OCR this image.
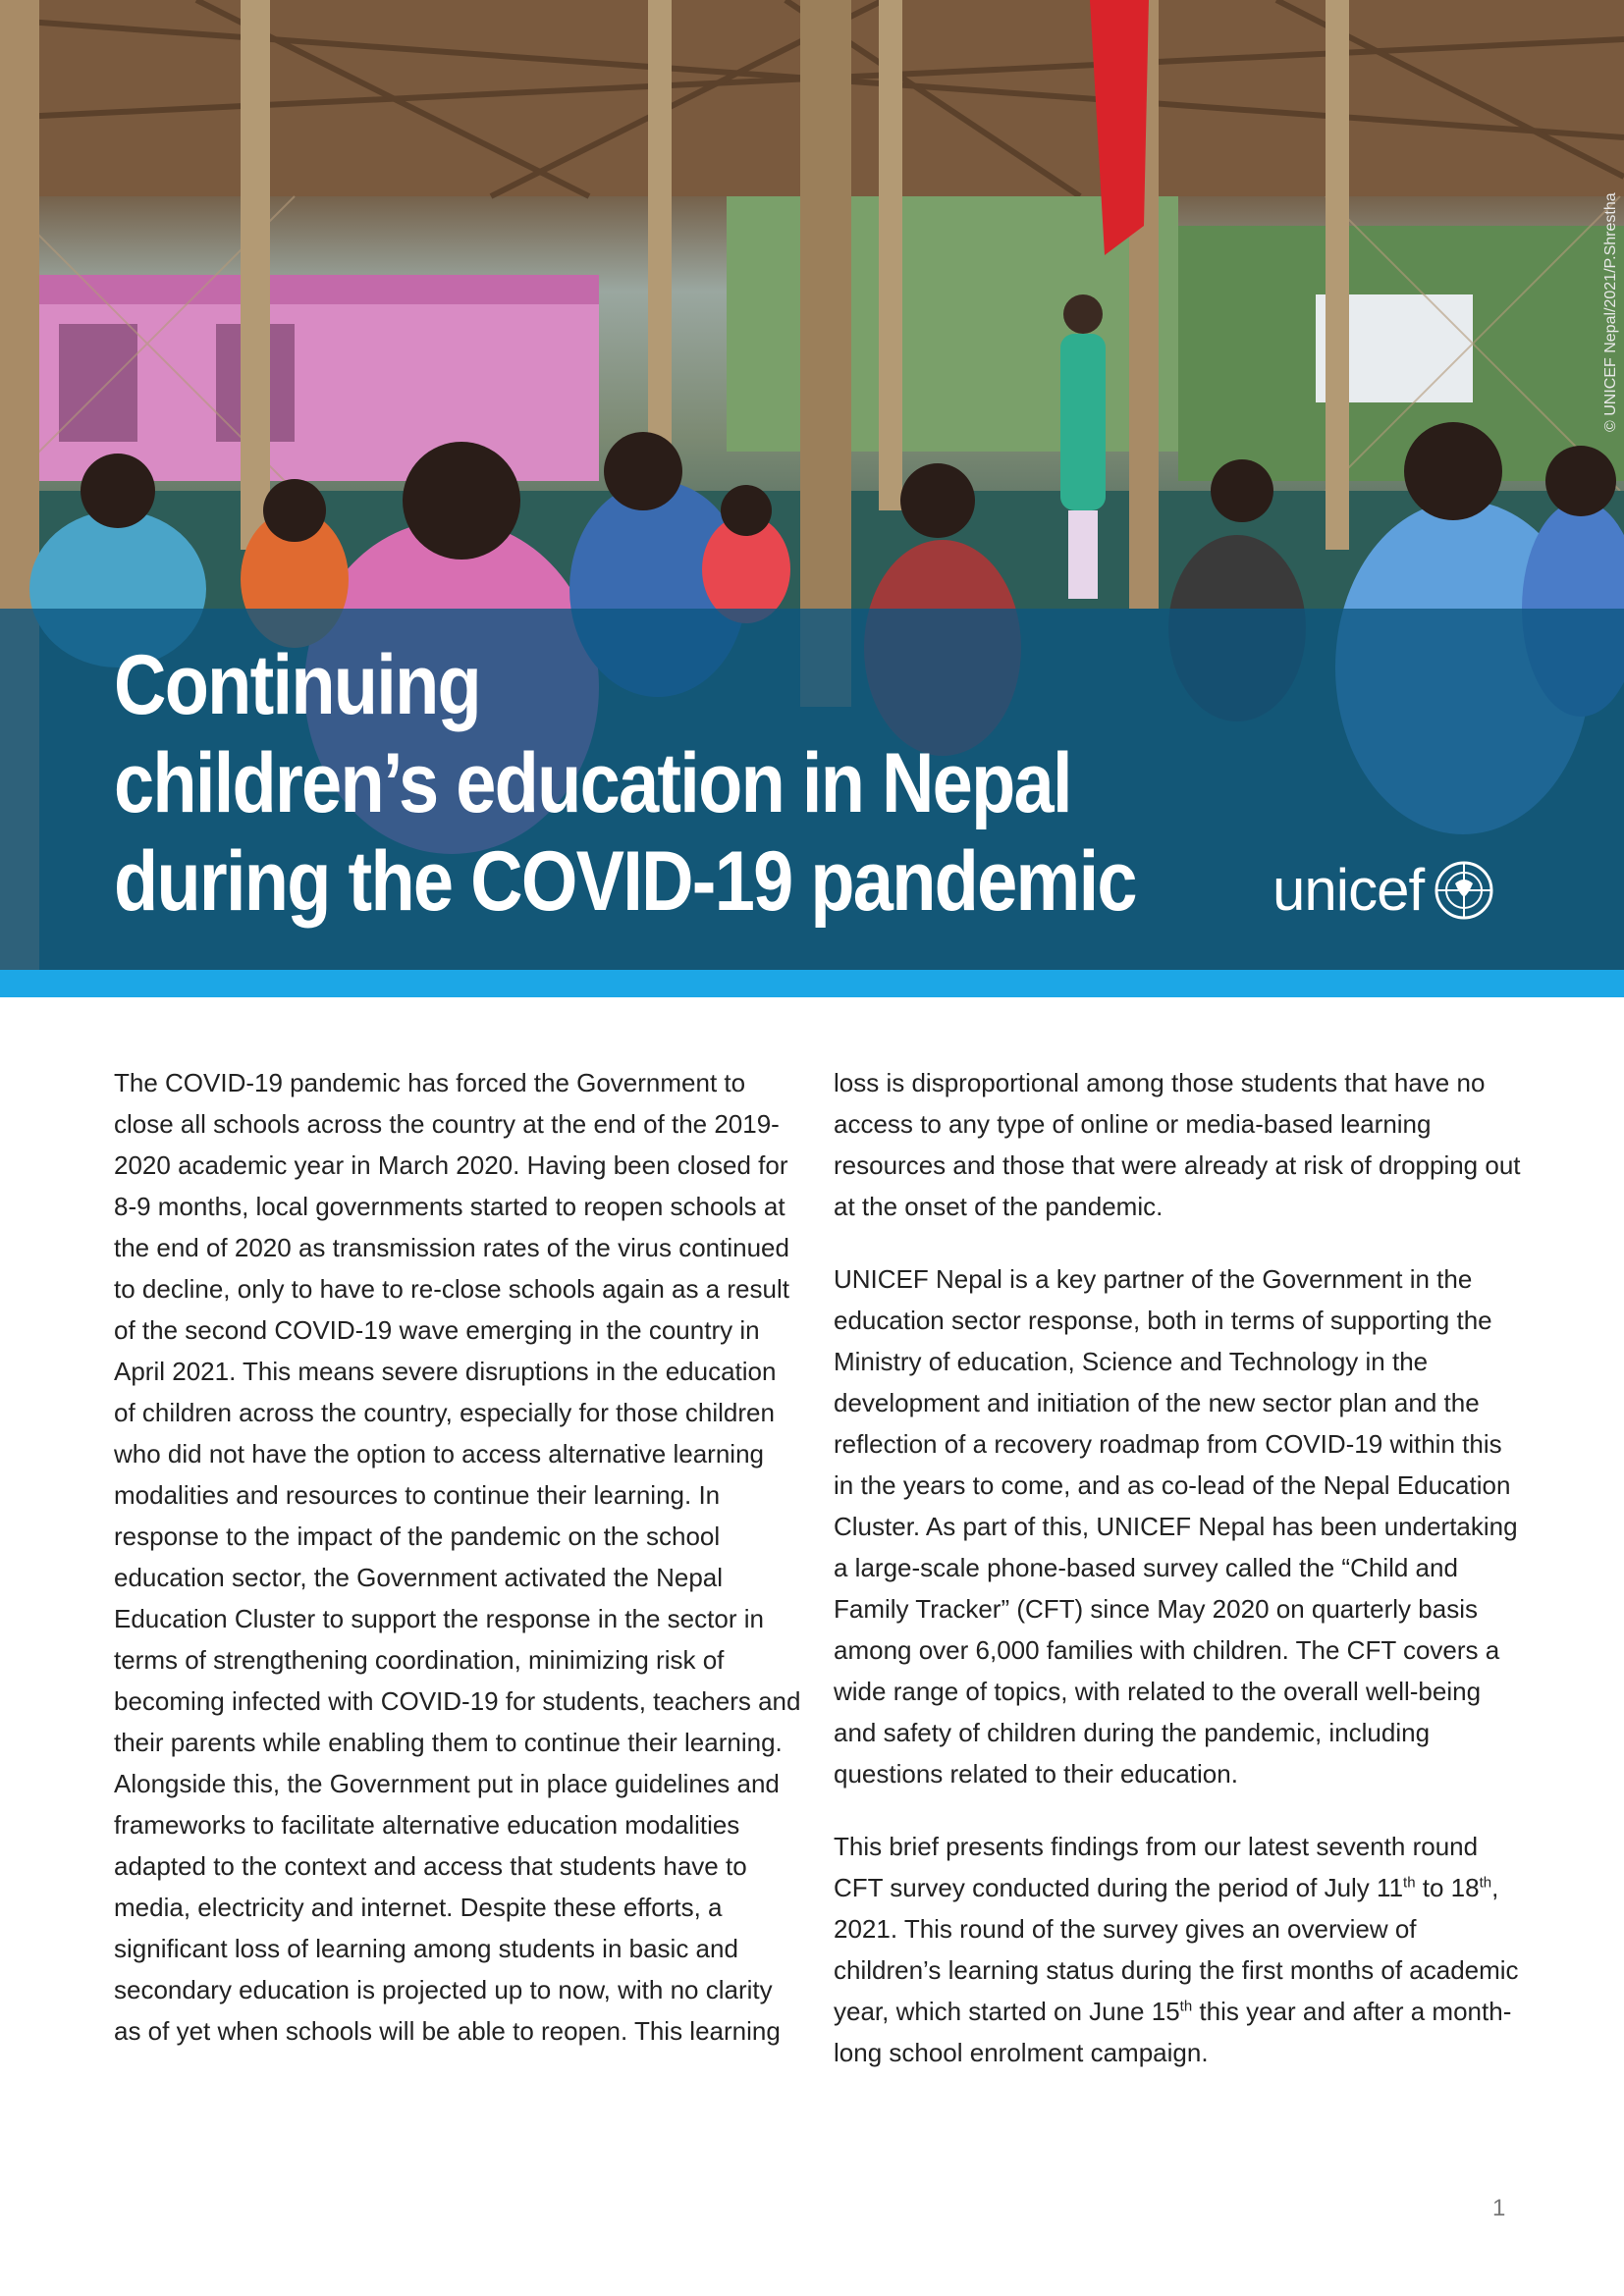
Continuing
children’s education in Nepal
during the COVID-19 pandemic unicef
© UNICEF Nepal/2021/P.Shrestha

The COVID-19 pandemic has forced the Government to close all schools across the country at the end of the 2019-2020 academic year in March 2020. Having been closed for 8-9 months, local governments started to reopen schools at the end of 2020 as transmission rates of the virus continued to decline, only to have to re-close schools again as a result of the second COVID-19 wave emerging in the country in April 2021. This means severe disruptions in the education of children across the country, especially for those children who did not have the option to access alternative learning modalities and resources to continue their learning. In response to the impact of the pandemic on the school education sector, the Government activated the Nepal Education Cluster to support the response in the sector in terms of strengthening coordination, minimizing risk of becoming infected with COVID-19 for students, teachers and their parents while enabling them to continue their learning. Alongside this, the Government put in place guidelines and frameworks to facilitate alternative education modalities adapted to the context and access that students have to media, electricity and internet. Despite these efforts, a significant loss of learning among students in basic and secondary education is projected up to now, with no clarity as of yet when schools will be able to reopen. This learning

loss is disproportional among those students that have no access to any type of online or media-based learning resources and those that were already at risk of dropping out at the onset of the pandemic.

UNICEF Nepal is a key partner of the Government in the education sector response, both in terms of supporting the Ministry of education, Science and Technology in the development and initiation of the new sector plan and the reflection of a recovery roadmap from COVID-19 within this in the years to come, and as co-lead of the Nepal Education Cluster. As part of this, UNICEF Nepal has been undertaking a large-scale phone-based survey called the “Child and Family Tracker” (CFT) since May 2020 on quarterly basis among over 6,000 families with children. The CFT covers a wide range of topics, with related to the overall well-being and safety of children during the pandemic, including questions related to their education.

This brief presents findings from our latest seventh round CFT survey conducted during the period of July 11th to 18th, 2021. This round of the survey gives an overview of children’s learning status during the first months of academic year, which started on June 15th this year and after a month-long school enrolment campaign.

1
